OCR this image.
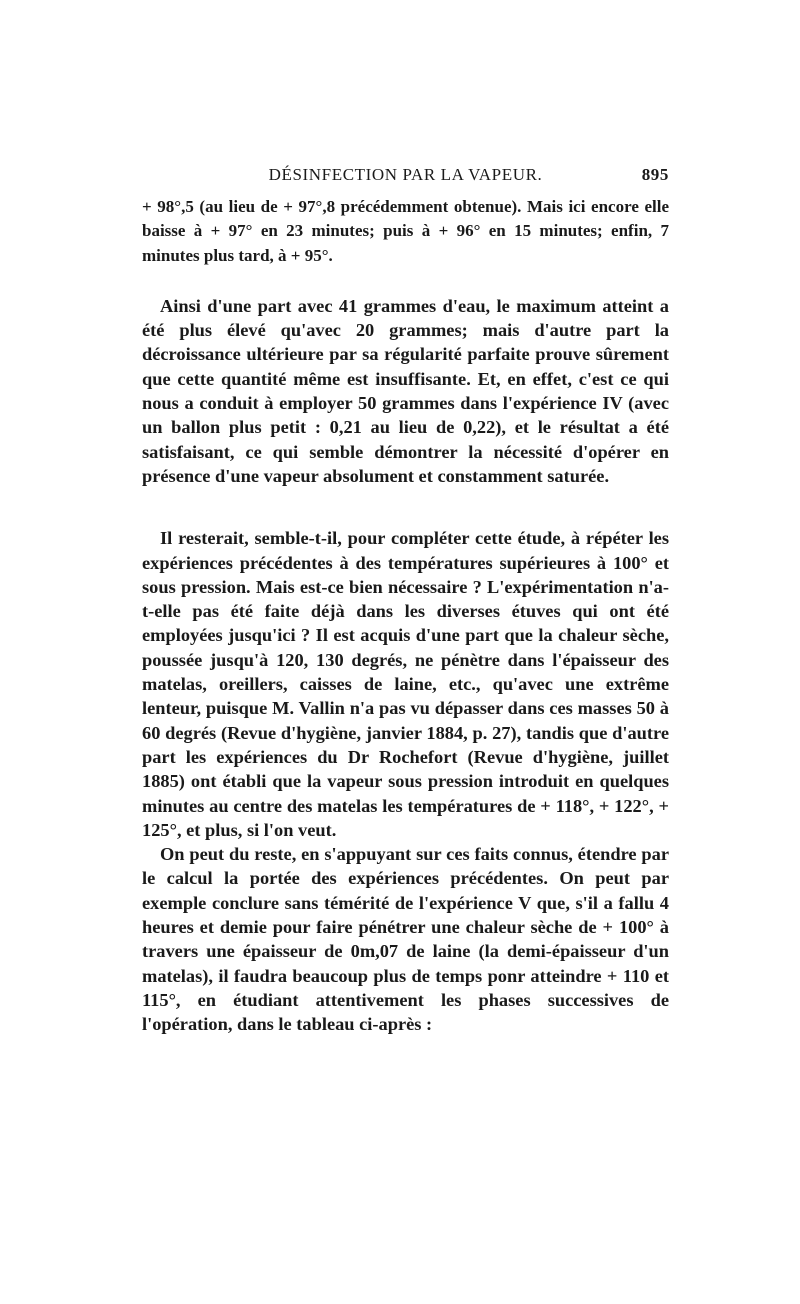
DÉSINFECTION PAR LA VAPEUR.	895

+ 98°,5 (au lieu de + 97°,8 précédemment obtenue). Mais ici encore elle baisse à + 97° en 23 minutes; puis à + 96° en 15 minutes; enfin, 7 minutes plus tard, à + 95°.

Ainsi d'une part avec 41 grammes d'eau, le maximum atteint a été plus élevé qu'avec 20 grammes; mais d'autre part la décroissance ultérieure par sa régularité parfaite prouve sûrement que cette quantité même est insuffisante. Et, en effet, c'est ce qui nous a conduit à employer 50 grammes dans l'expérience IV (avec un ballon plus petit : 0,21 au lieu de 0,22), et le résultat a été satisfaisant, ce qui semble démontrer la nécessité d'opérer en présence d'une vapeur absolument et constamment saturée.

Il resterait, semble-t-il, pour compléter cette étude, à répéter les expériences précédentes à des températures supérieures à 100° et sous pression. Mais est-ce bien nécessaire ? L'expérimentation n'a-t-elle pas été faite déjà dans les diverses étuves qui ont été employées jusqu'ici ? Il est acquis d'une part que la chaleur sèche, poussée jusqu'à 120, 130 degrés, ne pénètre dans l'épaisseur des matelas, oreillers, caisses de laine, etc., qu'avec une extrême lenteur, puisque M. Vallin n'a pas vu dépasser dans ces masses 50 à 60 degrés (Revue d'hygiène, janvier 1884, p. 27), tandis que d'autre part les expériences du Dr Rochefort (Revue d'hygiène, juillet 1885) ont établi que la vapeur sous pression introduit en quelques minutes au centre des matelas les températures de + 118°, + 122°, + 125°, et plus, si l'on veut.

On peut du reste, en s'appuyant sur ces faits connus, étendre par le calcul la portée des expériences précédentes. On peut par exemple conclure sans témérité de l'expérience V que, s'il a fallu 4 heures et demie pour faire pénétrer une chaleur sèche de + 100° à travers une épaisseur de 0m,07 de laine (la demi-épaisseur d'un matelas), il faudra beaucoup plus de temps ponr atteindre + 110 et 115°, en étudiant attentivement les phases successives de l'opération, dans le tableau ci-après :
